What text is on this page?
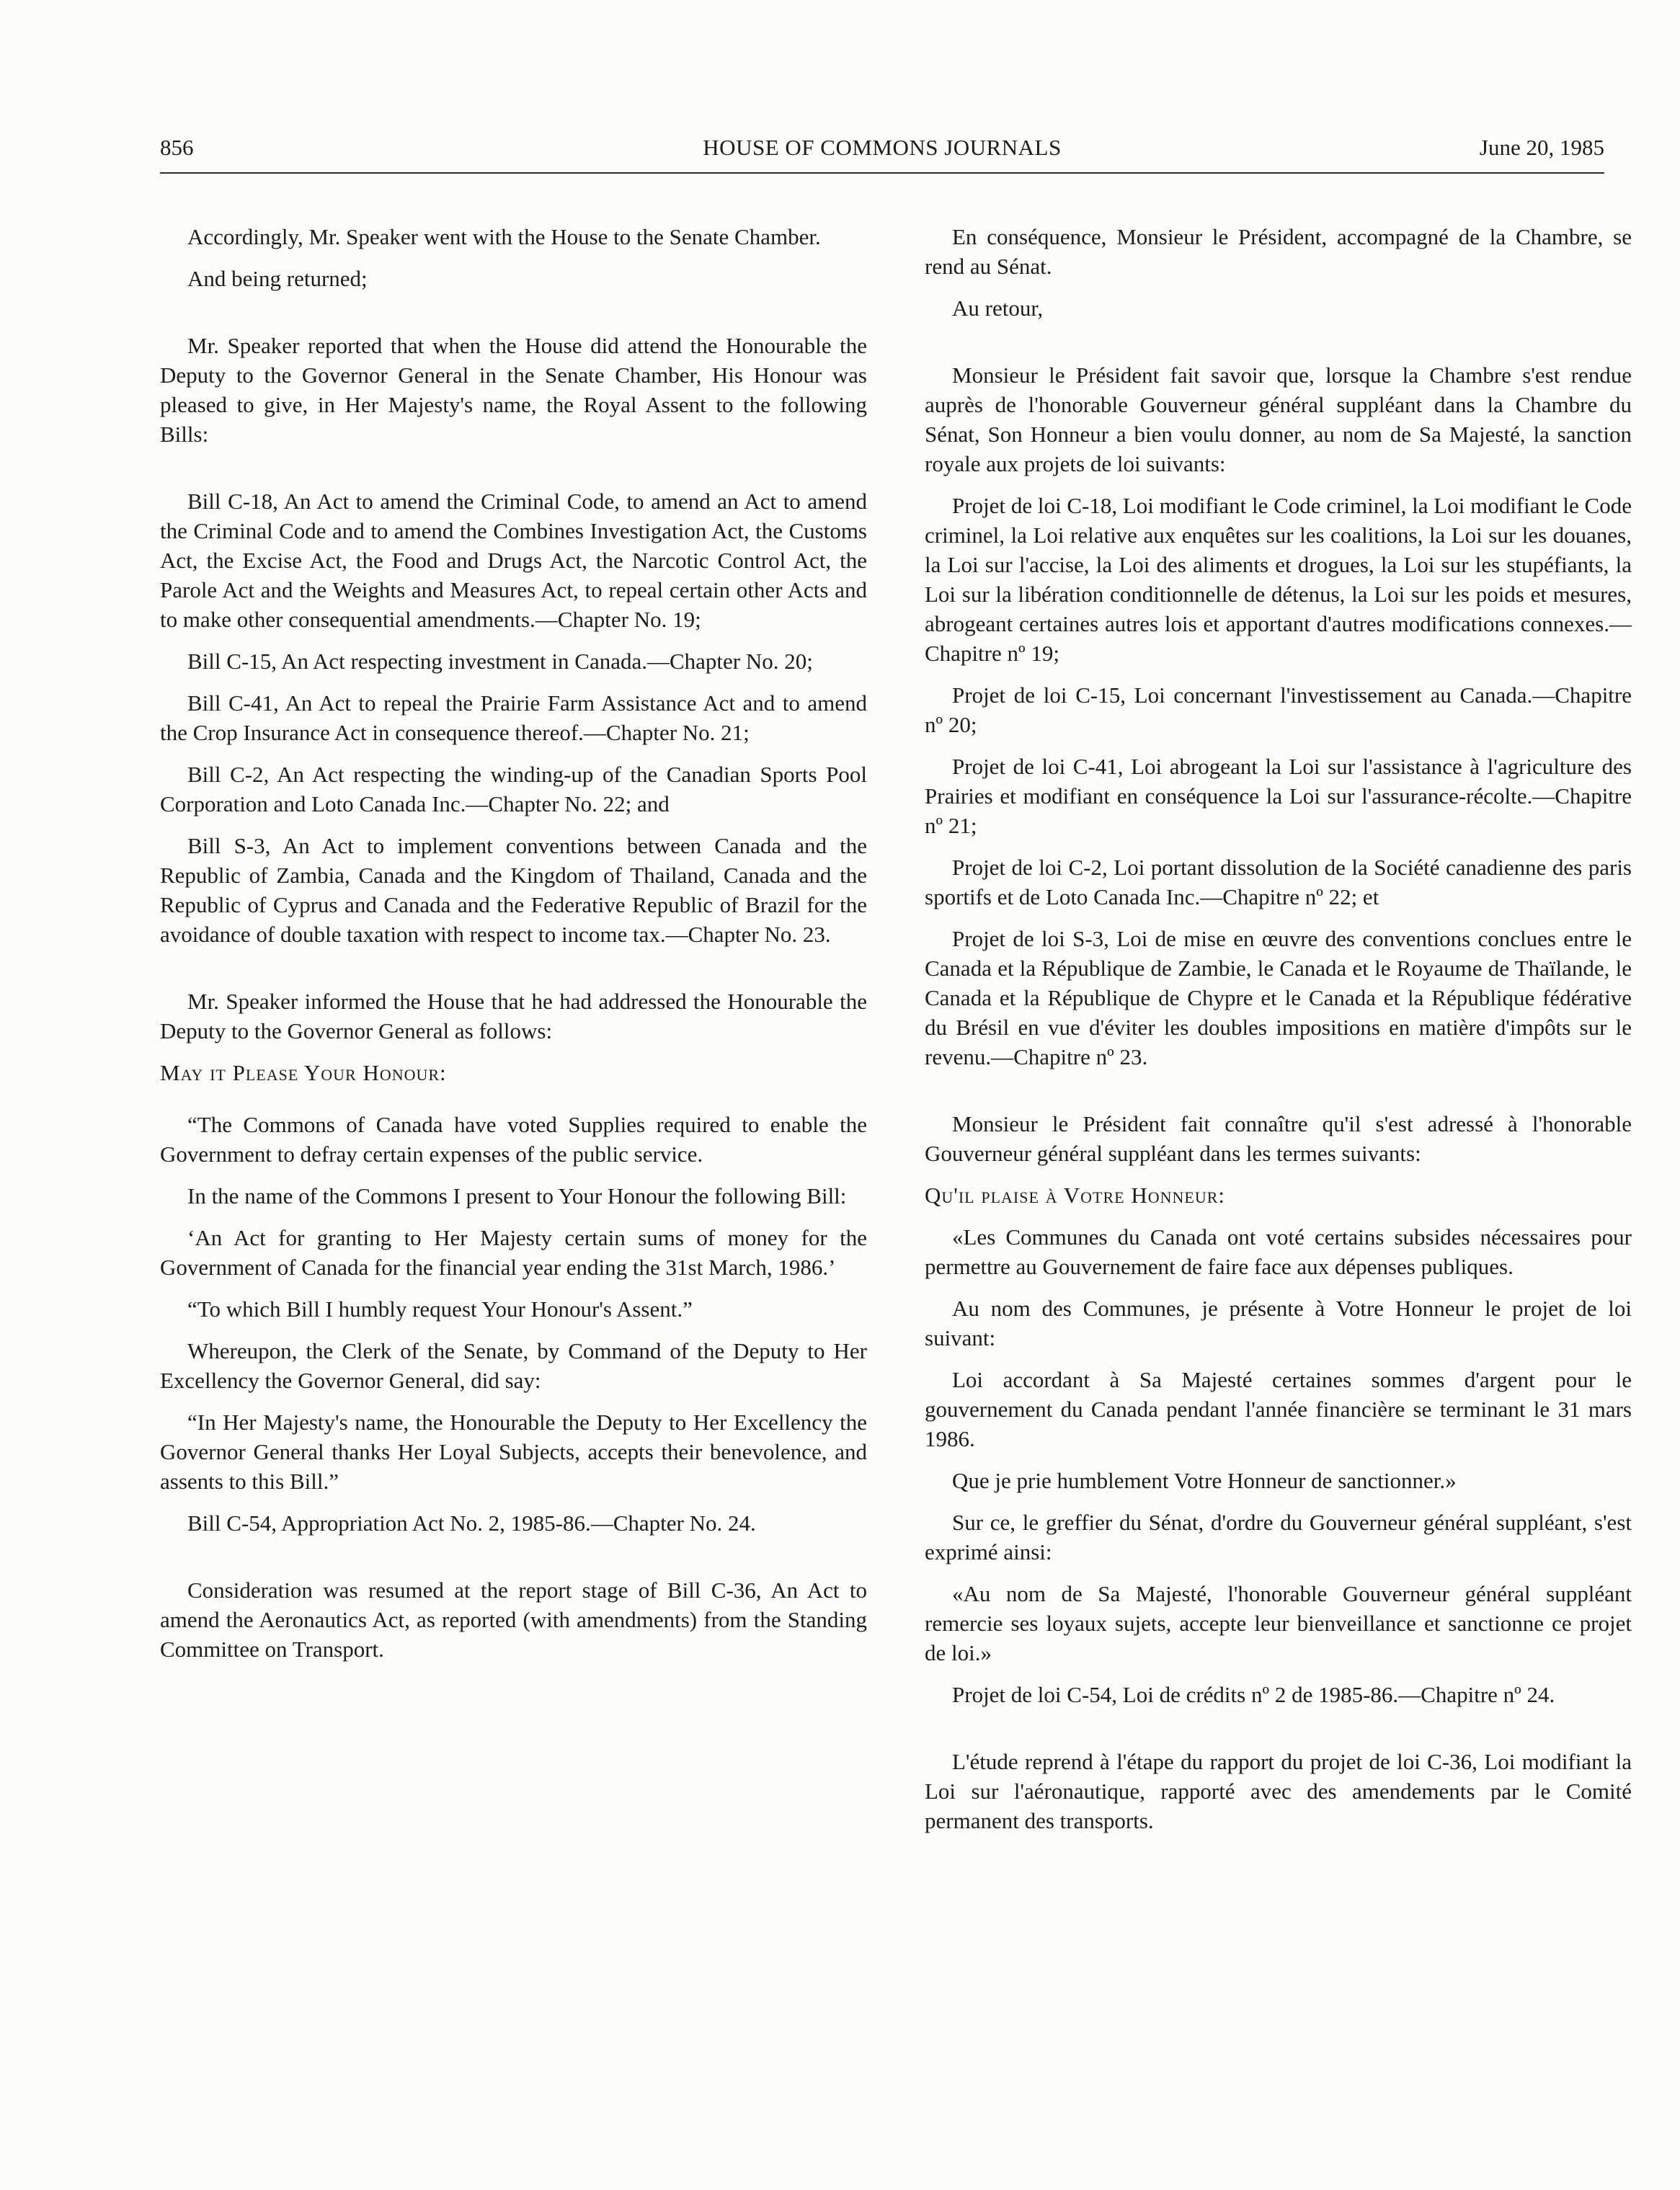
856	HOUSE OF COMMONS JOURNALS	June 20, 1985

Accordingly, Mr. Speaker went with the House to the Senate Chamber.

And being returned;

Mr. Speaker reported that when the House did attend the Honourable the Deputy to the Governor General in the Senate Chamber, His Honour was pleased to give, in Her Majesty's name, the Royal Assent to the following Bills:

Bill C-18, An Act to amend the Criminal Code, to amend an Act to amend the Criminal Code and to amend the Combines Investigation Act, the Customs Act, the Excise Act, the Food and Drugs Act, the Narcotic Control Act, the Parole Act and the Weights and Measures Act, to repeal certain other Acts and to make other consequential amendments.—Chapter No. 19;

Bill C-15, An Act respecting investment in Canada.—Chapter No. 20;

Bill C-41, An Act to repeal the Prairie Farm Assistance Act and to amend the Crop Insurance Act in consequence thereof.—Chapter No. 21;

Bill C-2, An Act respecting the winding-up of the Canadian Sports Pool Corporation and Loto Canada Inc.—Chapter No. 22; and

Bill S-3, An Act to implement conventions between Canada and the Republic of Zambia, Canada and the Kingdom of Thailand, Canada and the Republic of Cyprus and Canada and the Federative Republic of Brazil for the avoidance of double taxation with respect to income tax.—Chapter No. 23.

Mr. Speaker informed the House that he had addressed the Honourable the Deputy to the Governor General as follows:

May it Please Your Honour:

“The Commons of Canada have voted Supplies required to enable the Government to defray certain expenses of the public service.

In the name of the Commons I present to Your Honour the following Bill:

‘An Act for granting to Her Majesty certain sums of money for the Government of Canada for the financial year ending the 31st March, 1986.’

“To which Bill I humbly request Your Honour's Assent.”

Whereupon, the Clerk of the Senate, by Command of the Deputy to Her Excellency the Governor General, did say:

“In Her Majesty's name, the Honourable the Deputy to Her Excellency the Governor General thanks Her Loyal Subjects, accepts their benevolence, and assents to this Bill.”

Bill C-54, Appropriation Act No. 2, 1985-86.—Chapter No. 24.

Consideration was resumed at the report stage of Bill C-36, An Act to amend the Aeronautics Act, as reported (with amendments) from the Standing Committee on Transport.

En conséquence, Monsieur le Président, accompagné de la Chambre, se rend au Sénat.

Au retour,

Monsieur le Président fait savoir que, lorsque la Chambre s'est rendue auprès de l'honorable Gouverneur général suppléant dans la Chambre du Sénat, Son Honneur a bien voulu donner, au nom de Sa Majesté, la sanction royale aux projets de loi suivants:

Projet de loi C-18, Loi modifiant le Code criminel, la Loi modifiant le Code criminel, la Loi relative aux enquêtes sur les coalitions, la Loi sur les douanes, la Loi sur l'accise, la Loi des aliments et drogues, la Loi sur les stupéfiants, la Loi sur la libération conditionnelle de détenus, la Loi sur les poids et mesures, abrogeant certaines autres lois et apportant d'autres modifications connexes.—Chapitre nº 19;

Projet de loi C-15, Loi concernant l'investissement au Canada.—Chapitre nº 20;

Projet de loi C-41, Loi abrogeant la Loi sur l'assistance à l'agriculture des Prairies et modifiant en conséquence la Loi sur l'assurance-récolte.—Chapitre nº 21;

Projet de loi C-2, Loi portant dissolution de la Société canadienne des paris sportifs et de Loto Canada Inc.—Chapitre nº 22; et

Projet de loi S-3, Loi de mise en œuvre des conventions conclues entre le Canada et la République de Zambie, le Canada et le Royaume de Thaïlande, le Canada et la République de Chypre et le Canada et la République fédérative du Brésil en vue d'éviter les doubles impositions en matière d'impôts sur le revenu.—Chapitre nº 23.

Monsieur le Président fait connaître qu'il s'est adressé à l'honorable Gouverneur général suppléant dans les termes suivants:

Qu'il plaise à Votre Honneur:

«Les Communes du Canada ont voté certains subsides nécessaires pour permettre au Gouvernement de faire face aux dépenses publiques.

Au nom des Communes, je présente à Votre Honneur le projet de loi suivant:

Loi accordant à Sa Majesté certaines sommes d'argent pour le gouvernement du Canada pendant l'année financière se terminant le 31 mars 1986.

Que je prie humblement Votre Honneur de sanctionner.»

Sur ce, le greffier du Sénat, d'ordre du Gouverneur général suppléant, s'est exprimé ainsi:

«Au nom de Sa Majesté, l'honorable Gouverneur général suppléant remercie ses loyaux sujets, accepte leur bienveillance et sanctionne ce projet de loi.»

Projet de loi C-54, Loi de crédits nº 2 de 1985-86.—Chapitre nº 24.

L'étude reprend à l'étape du rapport du projet de loi C-36, Loi modifiant la Loi sur l'aéronautique, rapporté avec des amendements par le Comité permanent des transports.
